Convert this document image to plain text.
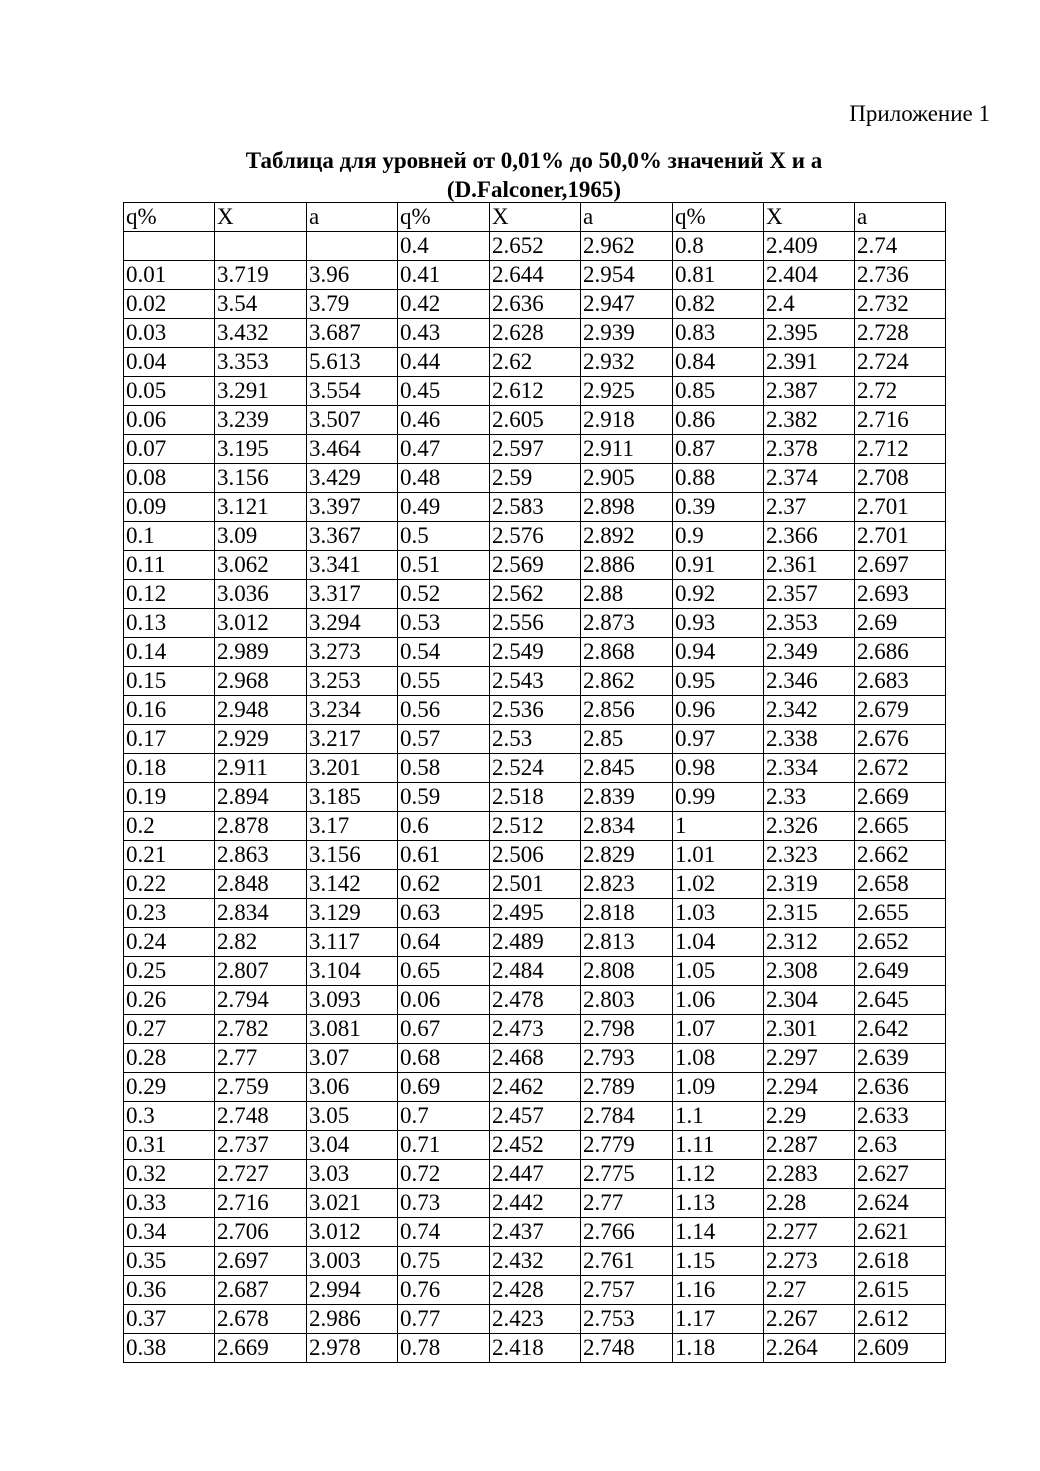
Приложение 1
Таблица для уровней от 0,01% до 50,0% значений X и a
(D.Falconer,1965)
q%	X	a	q%	X	a	q%	X	a
			0.4	2.652	2.962	0.8	2.409	2.74
0.01	3.719	3.96	0.41	2.644	2.954	0.81	2.404	2.736
0.02	3.54	3.79	0.42	2.636	2.947	0.82	2.4	2.732
0.03	3.432	3.687	0.43	2.628	2.939	0.83	2.395	2.728
0.04	3.353	5.613	0.44	2.62	2.932	0.84	2.391	2.724
0.05	3.291	3.554	0.45	2.612	2.925	0.85	2.387	2.72
0.06	3.239	3.507	0.46	2.605	2.918	0.86	2.382	2.716
0.07	3.195	3.464	0.47	2.597	2.911	0.87	2.378	2.712
0.08	3.156	3.429	0.48	2.59	2.905	0.88	2.374	2.708
0.09	3.121	3.397	0.49	2.583	2.898	0.39	2.37	2.701
0.1	3.09	3.367	0.5	2.576	2.892	0.9	2.366	2.701
0.11	3.062	3.341	0.51	2.569	2.886	0.91	2.361	2.697
0.12	3.036	3.317	0.52	2.562	2.88	0.92	2.357	2.693
0.13	3.012	3.294	0.53	2.556	2.873	0.93	2.353	2.69
0.14	2.989	3.273	0.54	2.549	2.868	0.94	2.349	2.686
0.15	2.968	3.253	0.55	2.543	2.862	0.95	2.346	2.683
0.16	2.948	3.234	0.56	2.536	2.856	0.96	2.342	2.679
0.17	2.929	3.217	0.57	2.53	2.85	0.97	2.338	2.676
0.18	2.911	3.201	0.58	2.524	2.845	0.98	2.334	2.672
0.19	2.894	3.185	0.59	2.518	2.839	0.99	2.33	2.669
0.2	2.878	3.17	0.6	2.512	2.834	1	2.326	2.665
0.21	2.863	3.156	0.61	2.506	2.829	1.01	2.323	2.662
0.22	2.848	3.142	0.62	2.501	2.823	1.02	2.319	2.658
0.23	2.834	3.129	0.63	2.495	2.818	1.03	2.315	2.655
0.24	2.82	3.117	0.64	2.489	2.813	1.04	2.312	2.652
0.25	2.807	3.104	0.65	2.484	2.808	1.05	2.308	2.649
0.26	2.794	3.093	0.06	2.478	2.803	1.06	2.304	2.645
0.27	2.782	3.081	0.67	2.473	2.798	1.07	2.301	2.642
0.28	2.77	3.07	0.68	2.468	2.793	1.08	2.297	2.639
0.29	2.759	3.06	0.69	2.462	2.789	1.09	2.294	2.636
0.3	2.748	3.05	0.7	2.457	2.784	1.1	2.29	2.633
0.31	2.737	3.04	0.71	2.452	2.779	1.11	2.287	2.63
0.32	2.727	3.03	0.72	2.447	2.775	1.12	2.283	2.627
0.33	2.716	3.021	0.73	2.442	2.77	1.13	2.28	2.624
0.34	2.706	3.012	0.74	2.437	2.766	1.14	2.277	2.621
0.35	2.697	3.003	0.75	2.432	2.761	1.15	2.273	2.618
0.36	2.687	2.994	0.76	2.428	2.757	1.16	2.27	2.615
0.37	2.678	2.986	0.77	2.423	2.753	1.17	2.267	2.612
0.38	2.669	2.978	0.78	2.418	2.748	1.18	2.264	2.609
